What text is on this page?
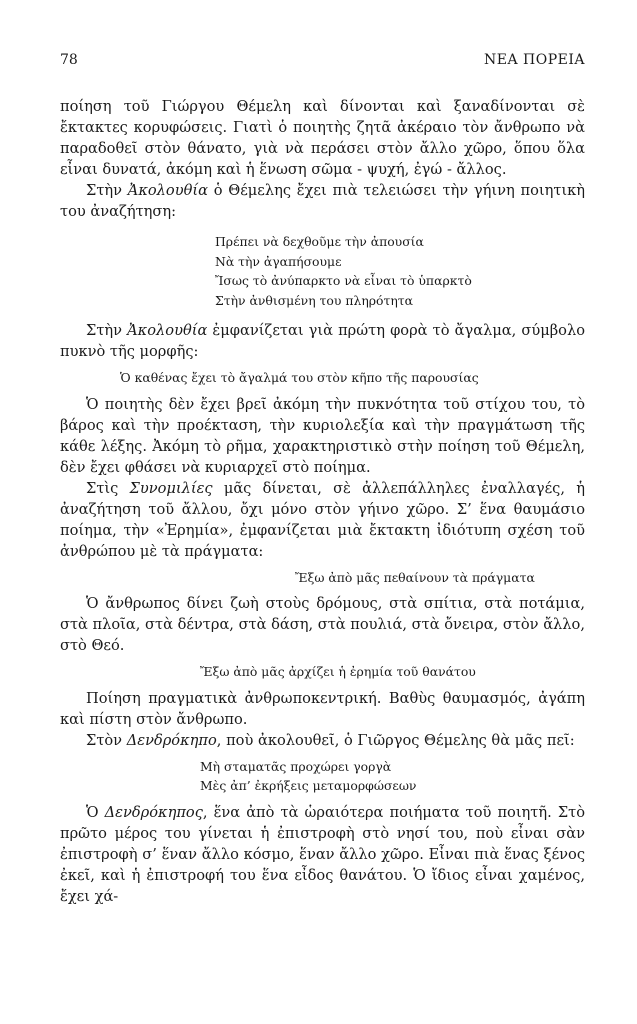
78	ΝΕΑ ΠΟΡΕΙΑ

ποίηση τοῦ Γιώργου Θέμελη καὶ δίνονται καὶ ξαναδίνονται σὲ ἔκτακτες κορυφώσεις. Γιατὶ ὁ ποιητὴς ζητᾶ ἀκέραιο τὸν ἄνθρωπο νὰ παραδοθεῖ στὸν θάνατο, γιὰ νὰ περάσει στὸν ἄλλο χῶρο, ὅπου ὅλα εἶναι δυνατά, ἀκόμη καὶ ἡ ἕνωση σῶμα - ψυχή, ἐγώ - ἄλλος.

Στὴν Ἀκολουθία ὁ Θέμελης ἔχει πιὰ τελειώσει τὴν γήινη ποιητικὴ του ἀναζήτηση:

Πρέπει νὰ δεχθοῦμε τὴν ἀπουσία

Νὰ τὴν ἀγαπήσουμε

Ἴσως τὸ ἀνύπαρκτο νὰ εἶναι τὸ ὑπαρκτὸ

Στὴν ἀνθισμένη του πληρότητα

Στὴν Ἀκολουθία ἐμφανίζεται γιὰ πρώτη φορὰ τὸ ἄγαλμα, σύμβολο πυκνὸ τῆς μορφῆς:

Ὁ καθένας ἔχει τὸ ἄγαλμά του στὸν κῆπο τῆς παρουσίας

Ὁ ποιητὴς δὲν ἔχει βρεῖ ἀκόμη τὴν πυκνότητα τοῦ στίχου του, τὸ βάρος καὶ τὴν προέκταση, τὴν κυριολεξία καὶ τὴν πραγμάτωση τῆς κάθε λέξης. Ἀκόμη τὸ ρῆμα, χαρακτηριστικὸ στὴν ποίηση τοῦ Θέμελη, δὲν ἔχει φθάσει νὰ κυριαρχεῖ στὸ ποίημα.

Στὶς Συνομιλίες μᾶς δίνεται, σὲ ἀλλεπάλληλες ἐναλλαγές, ἡ ἀναζήτηση τοῦ ἄλλου, ὄχι μόνο στὸν γήινο χῶρο. Σ’ ἕνα θαυμάσιο ποίημα, τὴν «Ἐρημία», ἐμφανίζεται μιὰ ἔκτακτη ἰδιότυπη σχέση τοῦ ἀνθρώπου μὲ τὰ πράγματα:

Ἔξω ἀπὸ μᾶς πεθαίνουν τὰ πράγματα

Ὁ ἄνθρωπος δίνει ζωὴ στοὺς δρόμους, στὰ σπίτια, στὰ ποτάμια, στὰ πλοῖα, στὰ δέντρα, στὰ δάση, στὰ πουλιά, στὰ ὄνειρα, στὸν ἄλλο, στὸ Θεό.

Ἔξω ἀπὸ μᾶς ἀρχίζει ἡ ἐρημία τοῦ θανάτου

Ποίηση πραγματικὰ ἀνθρωποκεντρική. Βαθὺς θαυμασμός, ἀγάπη καὶ πίστη στὸν ἄνθρωπο.

Στὸν Δενδρόκηπο, ποὺ ἀκολουθεῖ, ὁ Γιῶργος Θέμελης θὰ μᾶς πεῖ:

Μὴ σταματᾶς προχώρει γοργὰ

Μὲς ἀπ’ ἐκρήξεις μεταμορφώσεων

Ὁ Δενδρόκηπος, ἕνα ἀπὸ τὰ ὡραιότερα ποιήματα τοῦ ποιητῆ. Στὸ πρῶτο μέρος του γίνεται ἡ ἐπιστροφὴ στὸ νησί του, ποὺ εἶναι σὰν ἐπιστροφὴ σ’ ἕναν ἄλλο κόσμο, ἕναν ἄλλο χῶρο. Εἶναι πιὰ ἕνας ξένος ἐκεῖ, καὶ ἡ ἐπιστροφή του ἕνα εἶδος θανάτου. Ὁ ἴδιος εἶναι χαμένος, ἔχει χά-
